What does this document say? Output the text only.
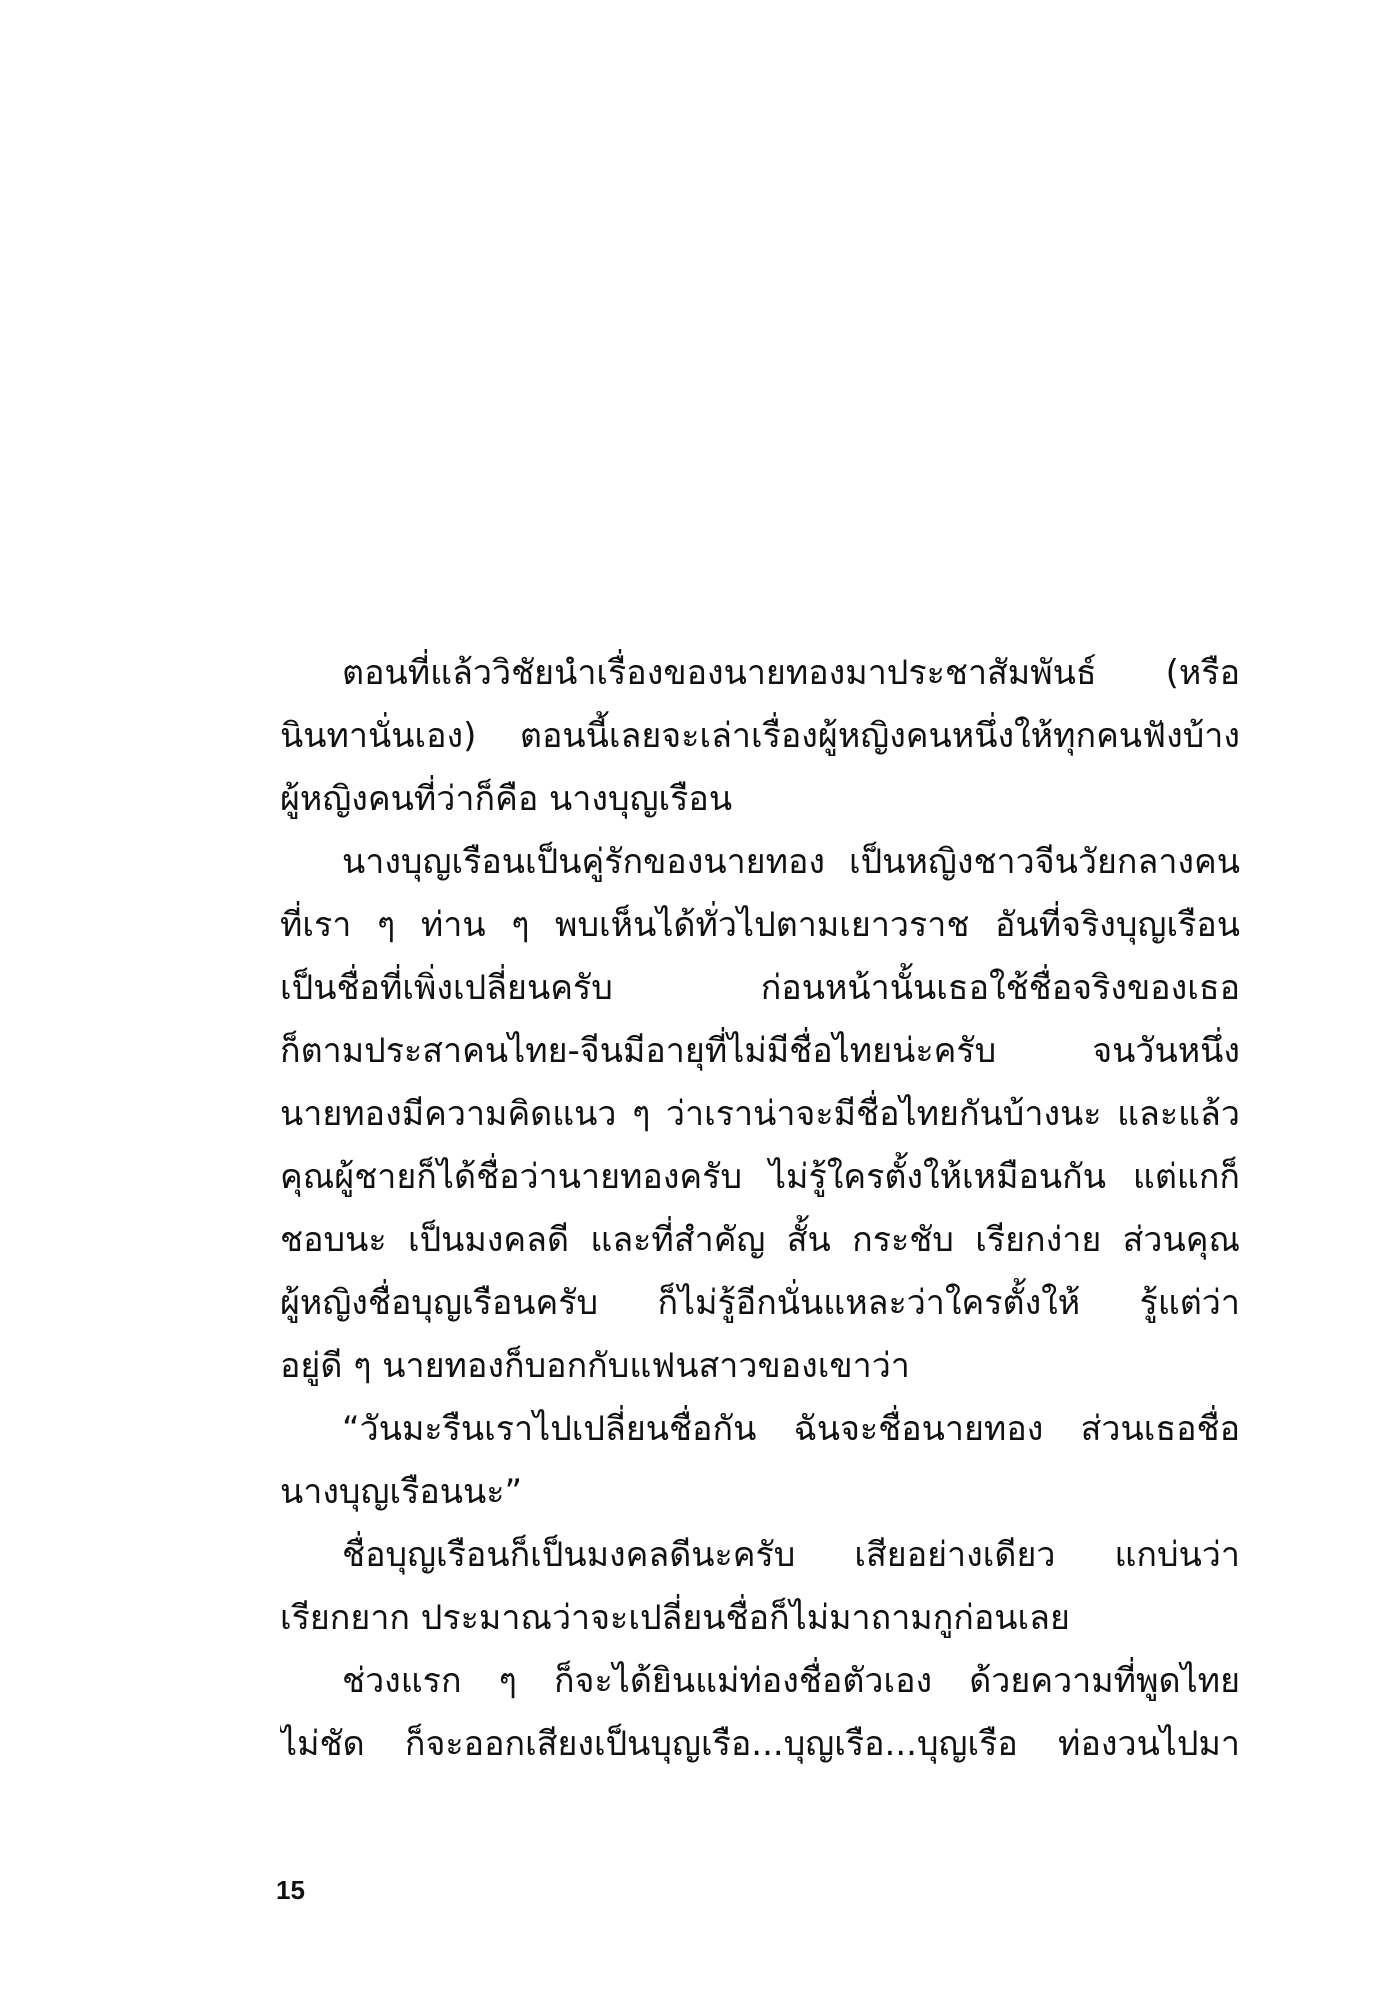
ตอนที่แล้ววิชัยนำเรื่องของนายทองมาประชาสัมพันธ์ (หรือ
นินทานั่นเอง) ตอนนี้เลยจะเล่าเรื่องผู้หญิงคนหนึ่งให้ทุกคนฟังบ้าง
ผู้หญิงคนที่ว่าก็คือ นางบุญเรือน
นางบุญเรือนเป็นคู่รักของนายทอง เป็นหญิงชาวจีนวัยกลางคน
ที่เรา ๆ ท่าน ๆ พบเห็นได้ทั่วไปตามเยาวราช อันที่จริงบุญเรือน
เป็นชื่อที่เพิ่งเปลี่ยนครับ ก่อนหน้านั้นเธอใช้ชื่อจริงของเธอ
ก็ตามประสาคนไทย-จีนมีอายุที่ไม่มีชื่อไทยน่ะครับ จนวันหนึ่ง
นายทองมีความคิดแนว ๆ ว่าเราน่าจะมีชื่อไทยกันบ้างนะ และแล้ว
คุณผู้ชายก็ได้ชื่อว่านายทองครับ ไม่รู้ใครตั้งให้เหมือนกัน แต่แกก็
ชอบนะ เป็นมงคลดี และที่สำคัญ สั้น กระชับ เรียกง่าย ส่วนคุณ
ผู้หญิงชื่อบุญเรือนครับ ก็ไม่รู้อีกนั่นแหละว่าใครตั้งให้ รู้แต่ว่า
อยู่ดี ๆ นายทองก็บอกกับแฟนสาวของเขาว่า
“วันมะรืนเราไปเปลี่ยนชื่อกัน ฉันจะชื่อนายทอง ส่วนเธอชื่อ
นางบุญเรือนนะ”
ชื่อบุญเรือนก็เป็นมงคลดีนะครับ เสียอย่างเดียว แกบ่นว่า
เรียกยาก ประมาณว่าจะเปลี่ยนชื่อก็ไม่มาถามกูก่อนเลย
ช่วงแรก ๆ ก็จะได้ยินแม่ท่องชื่อตัวเอง ด้วยความที่พูดไทย
ไม่ชัด ก็จะออกเสียงเป็นบุญเรือ...บุญเรือ...บุญเรือ ท่องวนไปมา
15
